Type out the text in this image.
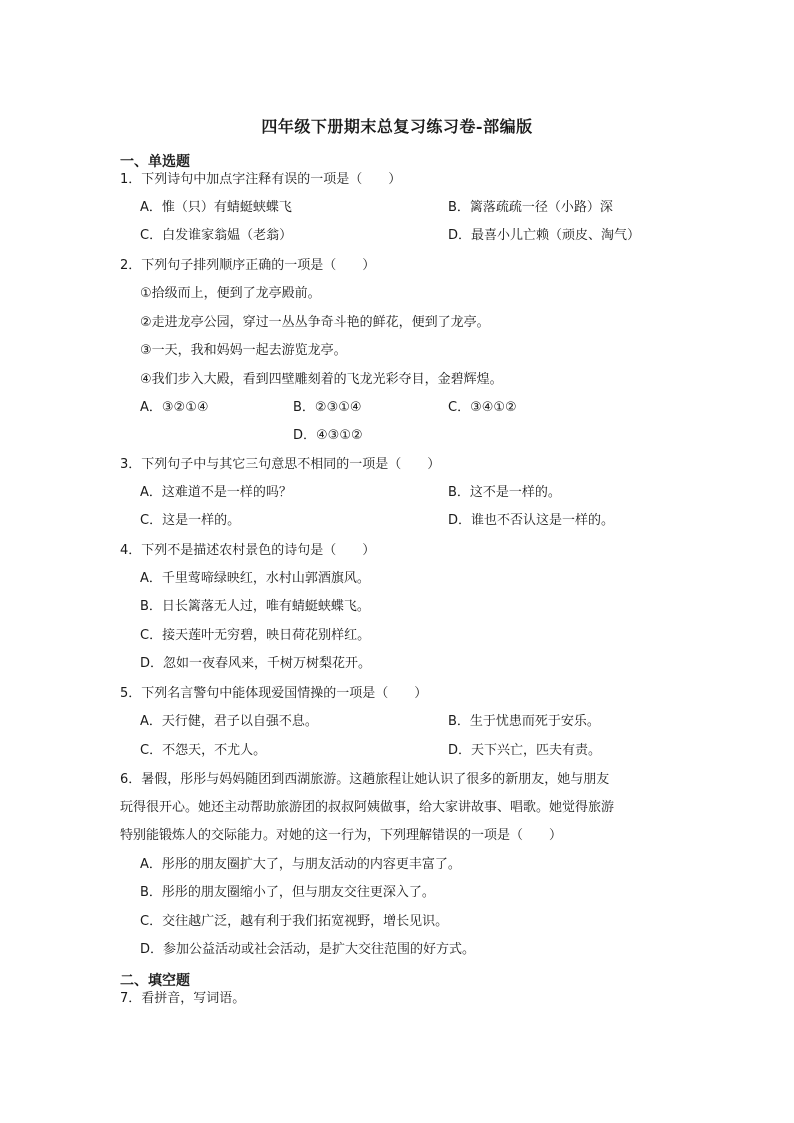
四年级下册期末总复习练习卷-部编版
一、单选题
1．下列诗句中加点字注释有误的一项是（　　）
A．惟（只）有蜻蜓蛱蝶飞	B．篱落疏疏一径（小路）深
C．白发谁家翁媪（老翁）	D．最喜小儿亡赖（顽皮、淘气）
2．下列句子排列顺序正确的一项是（　　）
①拾级而上，便到了龙亭殿前。
②走进龙亭公园，穿过一丛丛争奇斗艳的鲜花，便到了龙亭。
③一天，我和妈妈一起去游览龙亭。
④我们步入大殿，看到四壁雕刻着的飞龙光彩夺目，金碧辉煌。
A．③②①④	B．②③①④	C．③④①②
D．④③①②
3．下列句子中与其它三句意思不相同的一项是（　　）
A．这难道不是一样的吗？	B．这不是一样的。
C．这是一样的。	D．谁也不否认这是一样的。
4．下列不是描述农村景色的诗句是（　　）
A．千里莺啼绿映红，水村山郭酒旗风。
B．日长篱落无人过，唯有蜻蜓蛱蝶飞。
C．接天莲叶无穷碧，映日荷花别样红。
D．忽如一夜春风来，千树万树梨花开。
5．下列名言警句中能体现爱国情操的一项是（　　）
A．天行健，君子以自强不息。	B．生于忧患而死于安乐。
C．不怨天，不尤人。	D．天下兴亡，匹夫有责。
6．暑假，彤彤与妈妈随团到西湖旅游。这趟旅程让她认识了很多的新朋友，她与朋友
玩得很开心。她还主动帮助旅游团的叔叔阿姨做事，给大家讲故事、唱歌。她觉得旅游
特别能锻炼人的交际能力。对她的这一行为，下列理解错误的一项是（　　）
A．彤彤的朋友圈扩大了，与朋友活动的内容更丰富了。
B．彤彤的朋友圈缩小了，但与朋友交往更深入了。
C．交往越广泛，越有利于我们拓宽视野，增长见识。
D．参加公益活动或社会活动，是扩大交往范围的好方式。
二、填空题
7．看拼音，写词语。
